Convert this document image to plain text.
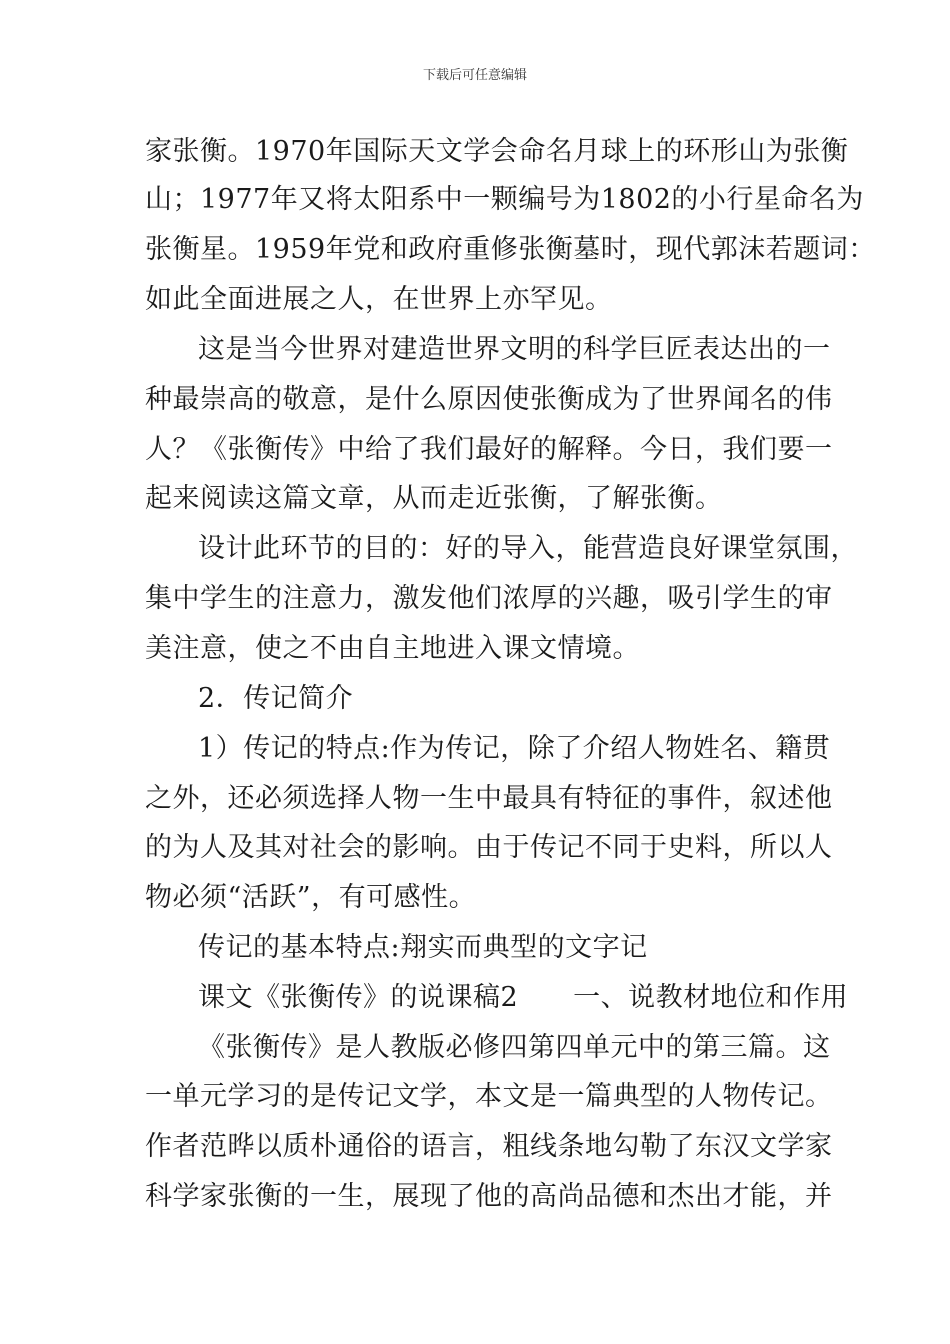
下载后可任意编辑
家张衡。1970年国际天文学会命名月球上的环形山为张衡
山；1977年又将太阳系中一颗编号为1802的小行星命名为
张衡星。1959年党和政府重修张衡墓时，现代郭沫若题词：
如此全面进展之人，在世界上亦罕见。
这是当今世界对建造世界文明的科学巨匠表达出的一
种最崇高的敬意，是什么原因使张衡成为了世界闻名的伟
人？《张衡传》中给了我们最好的解释。今日，我们要一
起来阅读这篇文章，从而走近张衡，了解张衡。
设计此环节的目的：好的导入，能营造良好课堂氛围，
集中学生的注意力，激发他们浓厚的兴趣，吸引学生的审
美注意，使之不由自主地进入课文情境。
2．传记简介
1）传记的特点:作为传记，除了介绍人物姓名、籍贯
之外，还必须选择人物一生中最具有特征的事件，叙述他
的为人及其对社会的影响。由于传记不同于史料，所以人
物必须“活跃”，有可感性。
传记的基本特点:翔实而典型的文字记
课文《张衡传》的说课稿2　　一、说教材地位和作用
《张衡传》是人教版必修四第四单元中的第三篇。这
一单元学习的是传记文学，本文是一篇典型的人物传记。
作者范晔以质朴通俗的语言，粗线条地勾勒了东汉文学家
科学家张衡的一生，展现了他的高尚品德和杰出才能，并
